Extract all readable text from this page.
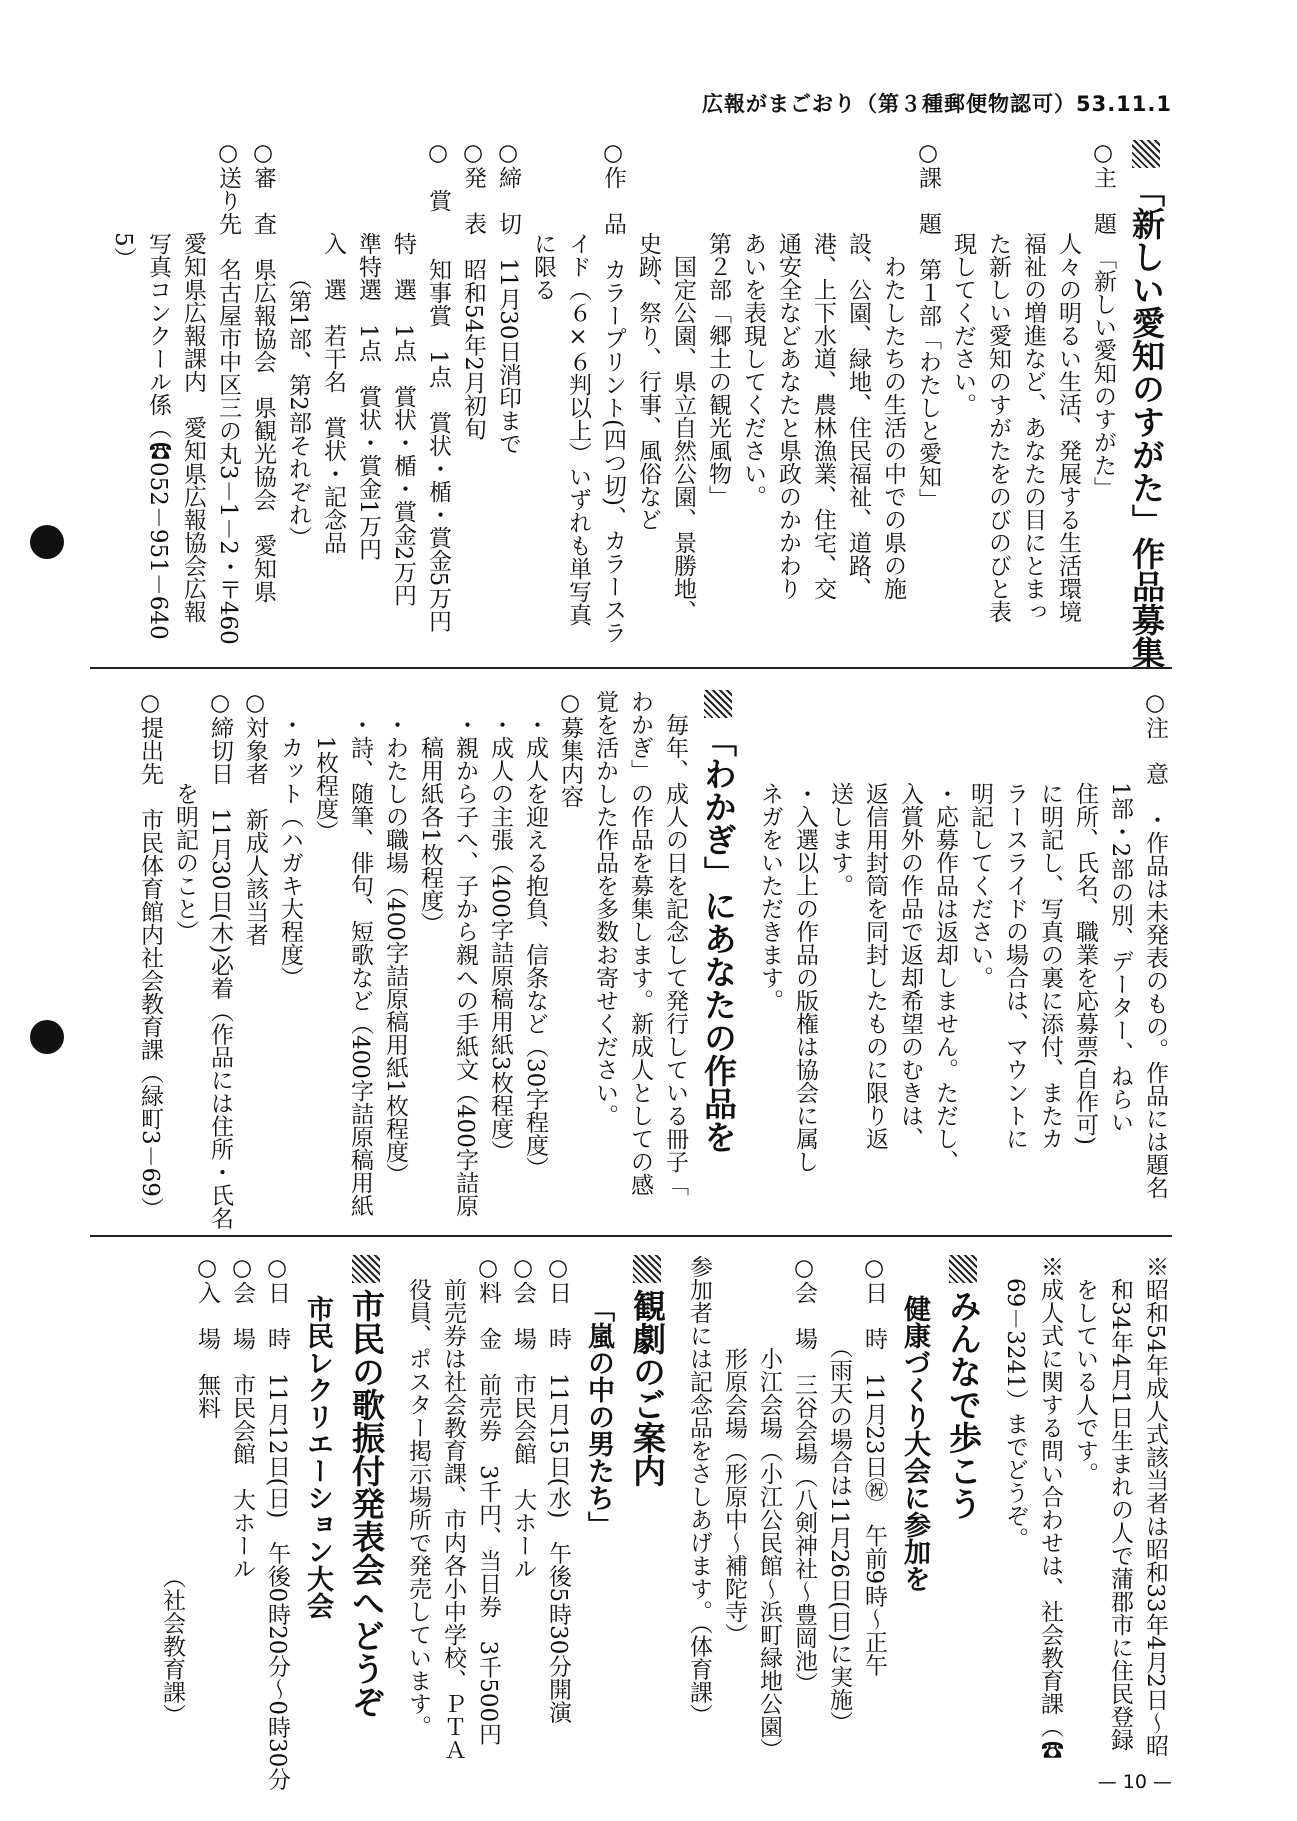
広報がまごおり（第３種郵便物認可）53.11.1
「新しい愛知のすがた」作品募集
○主　題　「新しい愛知のすがた」
　　　　人々の明るい生活、発展する生活環境
　　　　福祉の増進など、あなたの目にとまっ
　　　　た新しい愛知のすがたをのびのびと表
　　　　現してください。
○課　題　第１部「わたしと愛知」
　　　　　わたしたちの生活の中での県の施
　　　　設、公園、緑地、住民福祉、道路、
　　　　港、上下水道、農林漁業、住宅、交
　　　　通安全などあなたと県政のかかわり
　　　　あいを表現してください。
　　　　第２部「郷土の観光風物」
　　　　　国定公園、県立自然公園、景勝地、
　　　　史跡、祭り、行事、風俗など
○作　品　カラープリント(四つ切)、カラースラ
　　　　イド（６×６判以上）いずれも単写真
　　　　に限る
○締　切　11月30日消印まで
○発　表　昭和54年2月初旬
○　賞　　知事賞　1点　賞状・楯・賞金5万円
　　　　特　選　1点　賞状・楯・賞金2万円
　　　　準特選　1点　賞状・賞金1万円
　　　　入　選　若干名　賞状・記念品
　　　　　　（第1部、第2部それぞれ）
○審　査　県広報協会　県観光協会　愛知県
○送り先　名古屋市中区三の丸3－1－2・〒460
　　　　愛知県広報課内　愛知県広報協会広報
　　　　写真コンクール係（☎052－951－640
　　　　5）
○注　意　・作品は未発表のもの。作品には題名
　　　　1部・2部の別、データー、ねらい
　　　　住所、氏名、職業を応募票(自作可)
　　　　に明記し、写真の裏に添付、またカ
　　　　ラースライドの場合は、マウントに
　　　　明記してください。
　　　　・応募作品は返却しません。ただし、
　　　　入賞外の作品で返却希望のむきは、
　　　　返信用封筒を同封したものに限り返
　　　　送します。
　　　　・入選以上の作品の版権は協会に属し
　　　　ネガをいただきます。
「わかぎ」にあなたの作品を
　毎年、成人の日を記念して発行している冊子「
わかぎ」の作品を募集します。新成人としての感
覚を活かした作品を多数お寄せください。
○募集内容
　・成人を迎える抱負、信条など（30字程度）
　・成人の主張（400字詰原稿用紙3枚程度）
　・親から子へ、子から親への手紙文（400字詰原
　　稿用紙各1枚程度）
　・わたしの職場（400字詰原稿用紙1枚程度）
　・詩、随筆、俳句、短歌など（400字詰原稿用紙
　　1枚程度）
　・カット（ハガキ大程度）
○対象者　新成人該当者
○締切日　11月30日(木)必着（作品には住所・氏名
　　　　を明記のこと）
○提出先　市民体育館内社会教育課（緑町3－69）
※昭和54年成人式該当者は昭和33年4月2日～昭
　和34年4月1日生まれの人で蒲郡市に住民登録
　をしている人です。
※成人式に関する問い合わせは、社会教育課（☎
　69－3241）までどうぞ。
みんなで歩こう
健康づくり大会に参加を
○日　時　11月23日㊗　午前9時～正午
　　　　（雨天の場合は11月26日(日)に実施）
○会　場　三谷会場（八剣神社～豊岡池）
　　　　小江会場（小江公民館～浜町緑地公園）
　　　　形原会場（形原中～補陀寺）
参加者には記念品をさしあげます。（体育課）
観劇のご案内
「嵐の中の男たち」
○日　時　11月15日(水)　午後5時30分開演
○会　場　市民会館　大ホール
○料　金　前売券　3千円、当日券　3千500円
　前売券は社会教育課、市内各小中学校、ＰＴＡ
　役員、ポスター掲示場所で発売しています。
市民の歌振付発表会へどうぞ
市民レクリエーション大会
○日　時　11月12日(日)　午後0時20分～0時30分
○会　場　市民会館　大ホール
○入　場　無料
　　　　　　　　　　　　　　（社会教育課）
— 10 —
